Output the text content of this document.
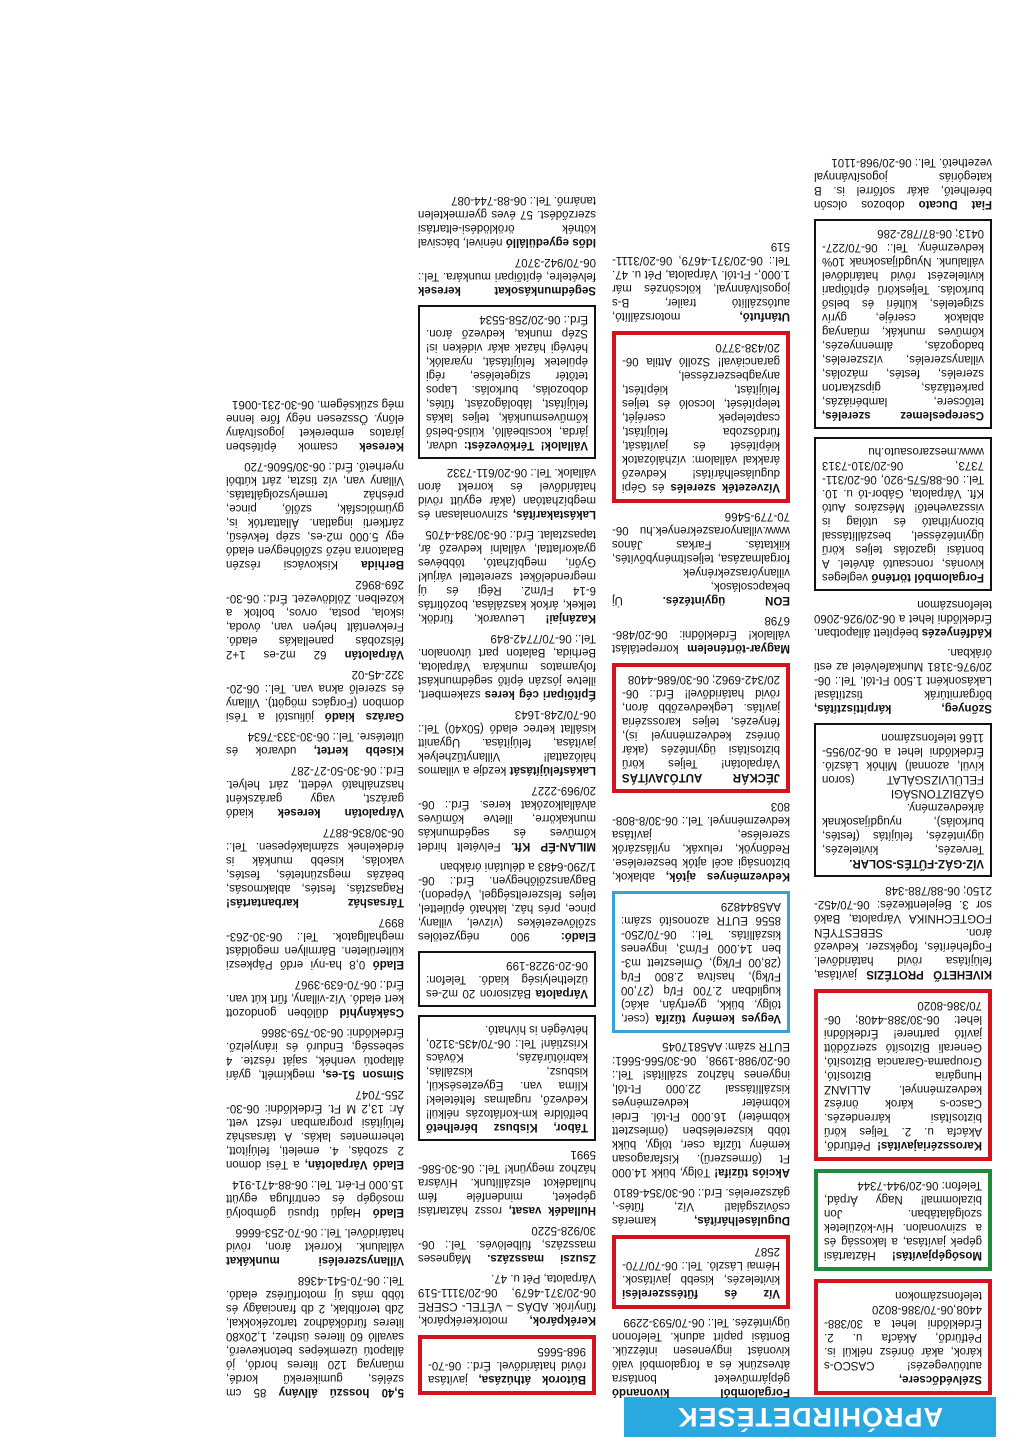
APRÓHIRDETÉSEK

Szélvédőcsere, autóüvegezés! CASCO-s károk, akár önrész nélkül is. Pétfürdő, Akácfa u. 2. Érdeklődni lehet a 30/388-4408,06-70/386-8020 telefonszámokon

Mosógépjavítás! Háztartási gépek javítása, a lakosság és a szinvonalon. Hív-közületek szolgálatában. Jon bizalommal! Nagy Árpád, Telefon: 06-20/944-7344

Karosszériajavítás! Pétfürdő, Akácfa u. 2. Teljes körű biztosítási kárrendezés. Casco-s károk önrész kedvezménnyel. ALLIANZ Hungária Biztosító, Groupama-Garancia Biztosító, Generali Biztosító szerződött javító partnere! Érdeklődni lehet: 06-30/388-4408; 06-70/386-8020

KIVEHETŐ PROTÉZIS javítása, felújítása rövid határidővel. Fogfehérítés, fogékszer. Kedvező áron. SEBESTYÉN FOGTECHNIKA Várpalota, Bakó sor 3. Bejelentkezés: 06-70/452-2150; 06-88/788-348

VÍZ-GÁZ-FŰTÉS-SOLAR. Tervezés, kivitelezés, ügyintézés, felújítás (festés, burkolás), nyugdíjasoknak árkedvezmény. GÁZBIZTONSÁGI FELÜLVIZSGÁLAT (soron kívül, azonnal) Mihók László. Érdeklődni lehet a 06-20/955-1166 telefonszámon

Szőnyeg, kárpittisztítás, bőrgarnitúrák tisztítása! Lakásonként 1.500 Ft-tól. Tel.: 06-20/976-3181 Munkafelvétel az esti órákban.

Kádfényezés beépített állapotban. Érdeklődni lehet a 06-20/926-2060 telefonszámon

Forgalomból történő vegleges kivonás, roncsautó átvétel. A bontási igazolás teljes körű ügyintézéssel, beszállítással bizonyítható és utólag is visszavehető! Mészáros Autó Kft. Várpalota, Gábor-tó u. 10. Tel.: 06-88/575-920, 06-20/311-7373, 06-20/310-7313 www.meszarosauto.hu

Cserepeslemez szerelés, tetőcsere, lambériázás, parkettázás, gipszkarton szerelés, festés, mázolás, villanyszerelés, vízszerelés, badogozás, álmennyezés, kőműves munkák, műanyag ablakok cseréje, gyrív szigetelés, kültéri és belső burkolás. Teljeskörű építőipari kivitelezést rövid határidővel vállalunk. Nyugdíjasoknak 10% kedvezmény. Tel.: 06-70/227-0413; 06-87/782-286

Fiat Ducato dobozos olcsón bérelhető, akár sofőrrel is. B kategóriás jogosítvánnyal vezethető. Tel.: 06-20/968-1101

Forgalomból kivonandó gépjárműveket bontásra átveszünk és a forgalomból való kivonást ingyenesen intézzük. Bontási papírt adunk. Telefonon ügyintézés. Tel.: 06-70/593-2299

Víz és fűtésszerelési kivitelezés, kisebb javítások. Hémai László. Tel.: 06-70/770-2587

Duguláselhárítás, kamerás csővizsgálat! Víz, fűtés-, gázszerelés. Erd.: 06-30/354-6810

Akciós tűzifa! Tölgy, bükk 14.000 Ft (őrmeszerű). Kisfaragosan kemény tűzifa cser, tölgy, bükk több kiszerelésben (ömlesztett köbméter) 16.000 Ft-tól. Erdei köbméter kedvezményes kiszállítással 22.000 Ft-tól, ingyenes házhoz szállítás! Tel.: 06-20/988-1998, 06-30/566-5661: EUTR szám: AA5817045

Vegyes kemény tűzifa (cser, tölgy, bükk, gyertyán, akác) kuglidban 2.700 Ft/q (27,00 Ft/kg), hasítva 2.800 Ft/q (28,00 Ft/kg), Ömlesztett m3-ben 14.000 Ft/m3, ingyenes kiszállítás. Tel.: 06-70/250-8556 EUTR azonosító szám: AA5844829

Kedvezményes ajtók, ablakok, biztonsági acél ajtók beszerelése. Redőnyök, reluxák, nyílászárók szerelése, javítása kedvezménnyel. Tel.: 06-30/8-808-803

JÉCKÁR AUTÓJAVÍTÁS Várpalotán! Teljes körű biztosítási ügyintézés (akár önrész kedvezménnyel is), fényezés, teljes karosszéria javítás. Legkedvezőbb áron, rövid határidővel! Érd.: 06-20/342-6962; 06-30/686-4408

Magyar-történelem korrepetálást vállalok! Érdeklődni: 06-20/486-6798

EON ügyintézés. Új bekapcsolások, villanyóraszekrények forgalmazása, teljesítménybővítés, kiiktatás. Farkas János www.villanyoraszekrenyek.hu 06-70-779-5466

Vízvezeték szerelés és Gépi duguláselhárítás! Kedvező árakkal vállalom: vízhálózatok kiépítését és javítását, fürdőszoba felújítást, csaptelepek cseréjét, telepítését, locsoló és teljes felújítást, kiépítést, anyagbeszerzéssel, garanciával! Szolló Attila 06-20/438-3770

Utánfutó, motorszállító, autószállító trailer, B-s jogosítvánnyal, kölcsönzés már 1.000,- Ft-tól. Várpalota, Pét u. 47. Tel.: 06-20/371-4679, 06-20/3111-519

Bútorok áthúzása, javítása rövid határidővel. Érd.: 06-70-968-5665

Kerékpárok, motorkerékpárok, fűnyírók. ADÁS – VÉTEL- CSERE 06-20/371-4679, 06-20/3111-519 Várpalota, Pét u. 47.

Zsuzsi masszázs. Mágneses masszázs, fülbelövés. Tel.: 06-30/928-5220

Hulladék vasat, rossz háztartási gépeket, mindenféle fém hulladékot elszállítunk. Hívásra házhoz megyünk! Tel.: 06-30-586-5991

Tábor, Kisbusz bérelhető belföldre km-korlátozás nélkül! Kedvező, rugalmas feltételek! Klíma van. Egyezteséskül, kisbusz, kiszállás, kabriótúrázás, Kövács Krisztián! Tel.: 06-70/435-3120, hétvégén is hívható.

Várpalota Bázisoron 20 m2-es üzlethelyiség kiadó. Telefon: 06-20-9228-199

Eladó: 900 négyzetöles szőlővezetékes (vízvel, villany, pince, prés ház, lakható épülettel, teljes felszereltséggel, Vépedon). Bagyanszőlőhegyen. Érd.: 06-1/290-6483 a délutáni órákban

MILAN-ÉP Kft. Felvételt hirdet kőműves és segédmunkás munkakörre, illetve kőműves alvállalkozókat keres. Érd.: 06-20/969-2227

Lakásfelújítását kezdje a villamos hálózattal! Villanytűzhelyek javítása, felújítása. Ugyanitt kisállat ketrec eladó (50x40) Tel.: 06-70/248-1643

Építőipari cég keres szakembert, illetve jószán építő segédmunkást folyamatos munkára Várpalota, Berhida, Balaton part útvonalon. Tel.: 06-70/7742-849

Kazánjai! Leuvarok, fürdök, telkek, árkok kaszálása, bozótirtás 6-14 Ft/m2. Régi és új megrendelőket szeretettel várjuk! Győri, megbízható, többéves gyakorlattal, vállalni kedvező ár, tapasztalat. Érd.: 06-30/384-4705

Lakástakarítás, szinvonalasan és megbízhatóan (akár együtt rövid határidővel és korrekt áron vállalok. Tel.: 06-20/611-7332

Vállalok! Térkövezést: udvar, járda, kocsibeálló, külső-belső kőművesmunkák, teljes lakás felújítást, lábolágozást, fűtés, dobozolás, burkolás. Lapos tetőtér szigetelése, régi épületek felújítását, nyaralók, hétvégi házak akár vidéken is! Szép munka, kedvező áron. Érd.: 06-20/258-5534

Segédmunkásokat keresek felvételre, építőipari munkára. Tel.: 06-70/942-3707

Idős egyedülálló nénivel, bácsival kötnék öröklödési-eltartási szerződést. 57 éves gyermektelen tanárnő. Tel.: 06-88-744-087

5,40 hosszú állvány 85 cm szélés, gumikerekű kordé, műanyag 120 literes hordó, jó állapotú üzemképes betonkeverő, savalló 60 literes üsthez, 1,20x80 literes fürdőkádhoz tartozékokkal, 2db terofiblak, 2 db franciaágy és több más új motorfűrész eladó. Tel.: 06-70-541-4368

Villanyszerelési munkákat vállalunk. Korrekt áron, rövid határidővel. Tel.: 06-70-253-6666

Eladó Hajdú típusú gőmbolyű mosógép és centrifuga együtt 15.000 Ft-ért. Tel.: 06-88-471-914

Eladó Várpalotán, a Tési domon 2 szobás, 4. emeleti, felújított, tehermentes lakás. A társasház felújítási programban részt vett. Ár: 13,2 M Ft. Érdeklődni: 06-30-255-7047

Simson 51-es, megkímélt, gyári állapotú venhék, saját részte. 4 sebesség, Enduró és irányjelző. Érdeklődni: 06-30-759-3866

Csákányhíd dűlőben gondozott kert eladó. Víz-villany, fűrt kút van. Érd.: 06-70-639-3967

Eladó 0,8 ha-nyi erdő Pápkeszi külterületen. Bármilyen megoldást meghallgatok. Tel.: 06-30-263-8997

Társasház karbantartás! Ragasztás, festés, ablakmosás, beázás megszüntetés, festés, vakolás, kisebb munkák is érdekelnek számlaképesen. Tel.: 06-30/836-8877

Várpalotán keresek kiadó garázst, vagy garázsként használható védett, zárt helyet. Erd.: 06-30-50-27-287

Kisebb kertet, udvarok és ültetésre. Tel.: 06-30-333-7634

Garázs kiadó júliustól a Tési dombon (Forgács mögött). Villany és szerelő akna van. Tel.: 06-20-322-45-02

Várpalotán 62 m2-es 1+2 félszobás panellakás eladó. Frekventált helyen van, óvoda, iskola, posta, orvos, boltok a közelben. Zöldövezet. Érd.: 06-30-269-8962

Berhida Kiskovácsi részén Balatonra néző szőlőhegyen eladó egy 5.000 m2-es, szép fekvésű, zártkerti ingatlan. Állattartók is, gyümölcsfák, szőlő, pince, présház termelyszolgáltatás. Villany van, víz tiszta, zárt kútból nyerhető. Érd.: 06-30/5606-720

Keresek csamok építésben járatos embereket jogosítvány előny. Összesen négy főre lenne még szükségem. 06-30-231-0061
